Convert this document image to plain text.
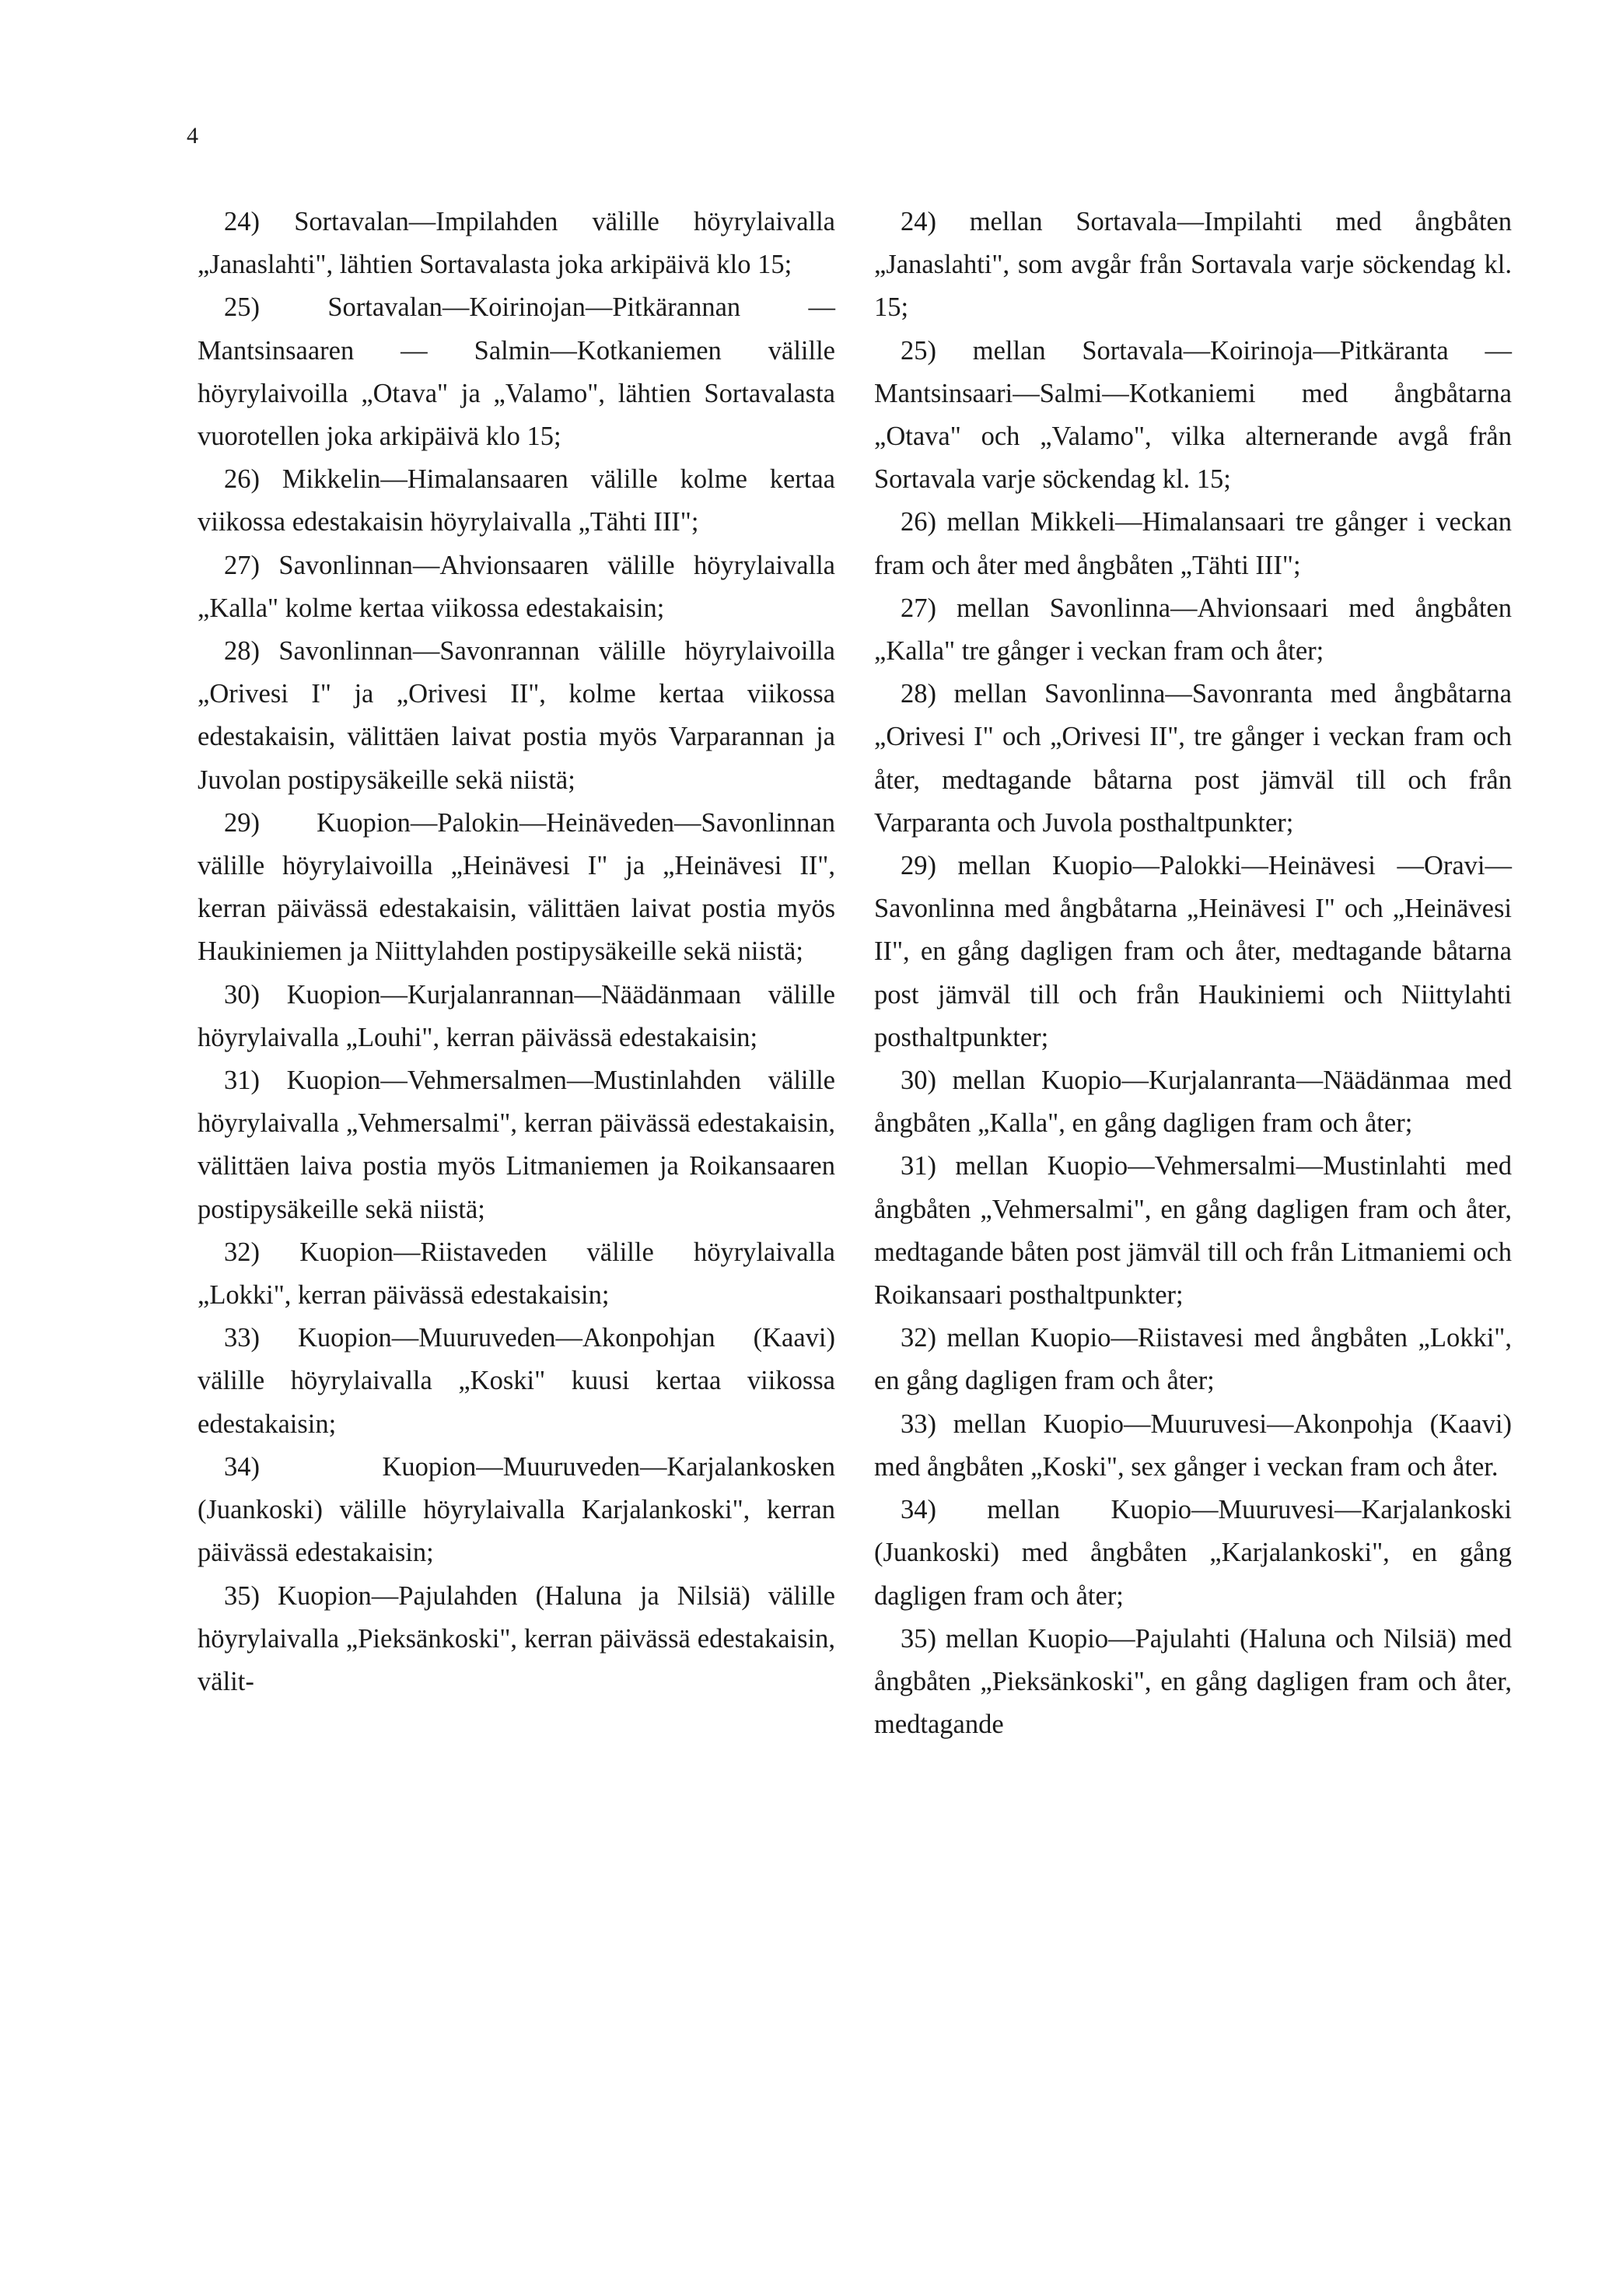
4

24) Sortavalan—Impilahden välille höyrylaivalla „Janaslahti", lähtien Sortavalasta joka arkipäivä klo 15;

25) Sortavalan—Koirinojan—Pitkärannan — Mantsinsaaren — Salmin—Kotkaniemen välille höyrylaivoilla „Otava" ja „Valamo", lähtien Sortavalasta vuorotellen joka arkipäivä klo 15;

26) Mikkelin—Himalansaaren välille kolme kertaa viikossa edestakaisin höyrylaivalla „Tähti III";

27) Savonlinnan—Ahvionsaaren välille höyrylaivalla „Kalla" kolme kertaa viikossa edestakaisin;

28) Savonlinnan—Savonrannan välille höyrylaivoilla „Orivesi I" ja „Orivesi II", kolme kertaa viikossa edestakaisin, välittäen laivat postia myös Varparannan ja Juvolan postipysäkeille sekä niistä;

29) Kuopion—Palokin—Heinäveden—Savonlinnan välille höyrylaivoilla „Heinävesi I" ja „Heinävesi II", kerran päivässä edestakaisin, välittäen laivat postia myös Haukiniemen ja Niittylahden postipysäkeille sekä niistä;

30) Kuopion—Kurjalanrannan—Näädänmaan välille höyrylaivalla „Louhi", kerran päivässä edestakaisin;

31) Kuopion—Vehmersalmen—Mustinlahden välille höyrylaivalla „Vehmersalmi", kerran päivässä edestakaisin, välittäen laiva postia myös Litmaniemen ja Roikansaaren postipysäkeille sekä niistä;

32) Kuopion—Riistaveden välille höyrylaivalla „Lokki", kerran päivässä edestakaisin;

33) Kuopion—Muuruveden—Akonpohjan (Kaavi) välille höyrylaivalla „Koski" kuusi kertaa viikossa edestakaisin;

34) Kuopion—Muuruveden—Karjalankosken (Juankoski) välille höyrylaivalla Karjalankoski", kerran päivässä edestakaisin;

35) Kuopion—Pajulahden (Haluna ja Nilsiä) välille höyrylaivalla „Pieksänkoski", kerran päivässä edestakaisin, välit-

24) mellan Sortavala—Impilahti med ångbåten „Janaslahti", som avgår från Sortavala varje söckendag kl. 15;

25) mellan Sortavala—Koirinoja—Pitkäranta — Mantsinsaari—Salmi—Kotkaniemi med ångbåtarna „Otava" och „Valamo", vilka alternerande avgå från Sortavala varje söckendag kl. 15;

26) mellan Mikkeli—Himalansaari tre gånger i veckan fram och åter med ångbåten „Tähti III";

27) mellan Savonlinna—Ahvionsaari med ångbåten „Kalla" tre gånger i veckan fram och åter;

28) mellan Savonlinna—Savonranta med ångbåtarna „Orivesi I" och „Orivesi II", tre gånger i veckan fram och åter, medtagande båtarna post jämväl till och från Varparanta och Juvola posthaltpunkter;

29) mellan Kuopio—Palokki—Heinävesi —Oravi—Savonlinna med ångbåtarna „Heinävesi I" och „Heinävesi II", en gång dagligen fram och åter, medtagande båtarna post jämväl till och från Haukiniemi och Niittylahti posthaltpunkter;

30) mellan Kuopio—Kurjalanranta—Näädänmaa med ångbåten „Kalla", en gång dagligen fram och åter;

31) mellan Kuopio—Vehmersalmi—Mustinlahti med ångbåten „Vehmersalmi", en gång dagligen fram och åter, medtagande båten post jämväl till och från Litmaniemi och Roikansaari posthaltpunkter;

32) mellan Kuopio—Riistavesi med ångbåten „Lokki", en gång dagligen fram och åter;

33) mellan Kuopio—Muuruvesi—Akonpohja (Kaavi) med ångbåten „Koski", sex gånger i veckan fram och åter.

34) mellan Kuopio—Muuruvesi—Karjalankoski (Juankoski) med ångbåten „Karjalankoski", en gång dagligen fram och åter;

35) mellan Kuopio—Pajulahti (Haluna och Nilsiä) med ångbåten „Pieksänkoski", en gång dagligen fram och åter, medtagande
